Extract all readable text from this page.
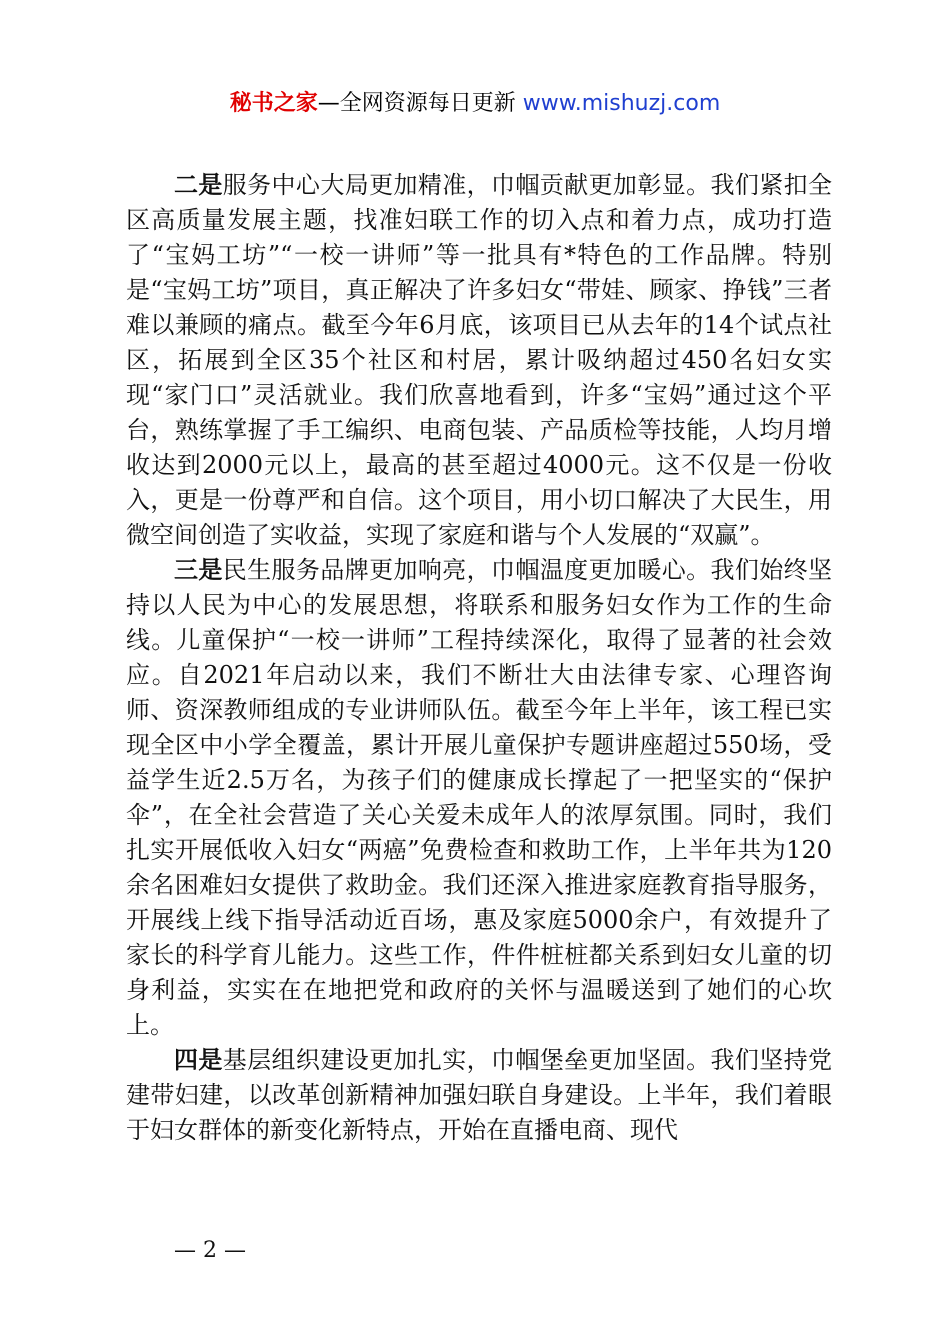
秘书之家—全网资源每日更新 www.mishuzj.com

二是服务中心大局更加精准，巾帼贡献更加彰显。我们紧扣全区高质量发展主题，找准妇联工作的切入点和着力点，成功打造了“宝妈工坊”“一校一讲师”等一批具有*特色的工作品牌。特别是“宝妈工坊”项目，真正解决了许多妇女“带娃、顾家、挣钱”三者难以兼顾的痛点。截至今年6月底，该项目已从去年的14个试点社区，拓展到全区35个社区和村居，累计吸纳超过450名妇女实现“家门口”灵活就业。我们欣喜地看到，许多“宝妈”通过这个平台，熟练掌握了手工编织、电商包装、产品质检等技能，人均月增收达到2000元以上，最高的甚至超过4000元。这不仅是一份收入，更是一份尊严和自信。这个项目，用小切口解决了大民生，用微空间创造了实收益，实现了家庭和谐与个人发展的“双赢”。

三是民生服务品牌更加响亮，巾帼温度更加暖心。我们始终坚持以人民为中心的发展思想，将联系和服务妇女作为工作的生命线。儿童保护“一校一讲师”工程持续深化，取得了显著的社会效应。自2021年启动以来，我们不断壮大由法律专家、心理咨询师、资深教师组成的专业讲师队伍。截至今年上半年，该工程已实现全区中小学全覆盖，累计开展儿童保护专题讲座超过550场，受益学生近2.5万名，为孩子们的健康成长撑起了一把坚实的“保护伞”，在全社会营造了关心关爱未成年人的浓厚氛围。同时，我们扎实开展低收入妇女“两癌”免费检查和救助工作，上半年共为120余名困难妇女提供了救助金。我们还深入推进家庭教育指导服务，开展线上线下指导活动近百场，惠及家庭5000余户，有效提升了家长的科学育儿能力。这些工作，件件桩桩都关系到妇女儿童的切身利益，实实在在地把党和政府的关怀与温暖送到了她们的心坎上。

四是基层组织建设更加扎实，巾帼堡垒更加坚固。我们坚持党建带妇建，以改革创新精神加强妇联自身建设。上半年，我们着眼于妇女群体的新变化新特点，开始在直播电商、现代

— 2 —
